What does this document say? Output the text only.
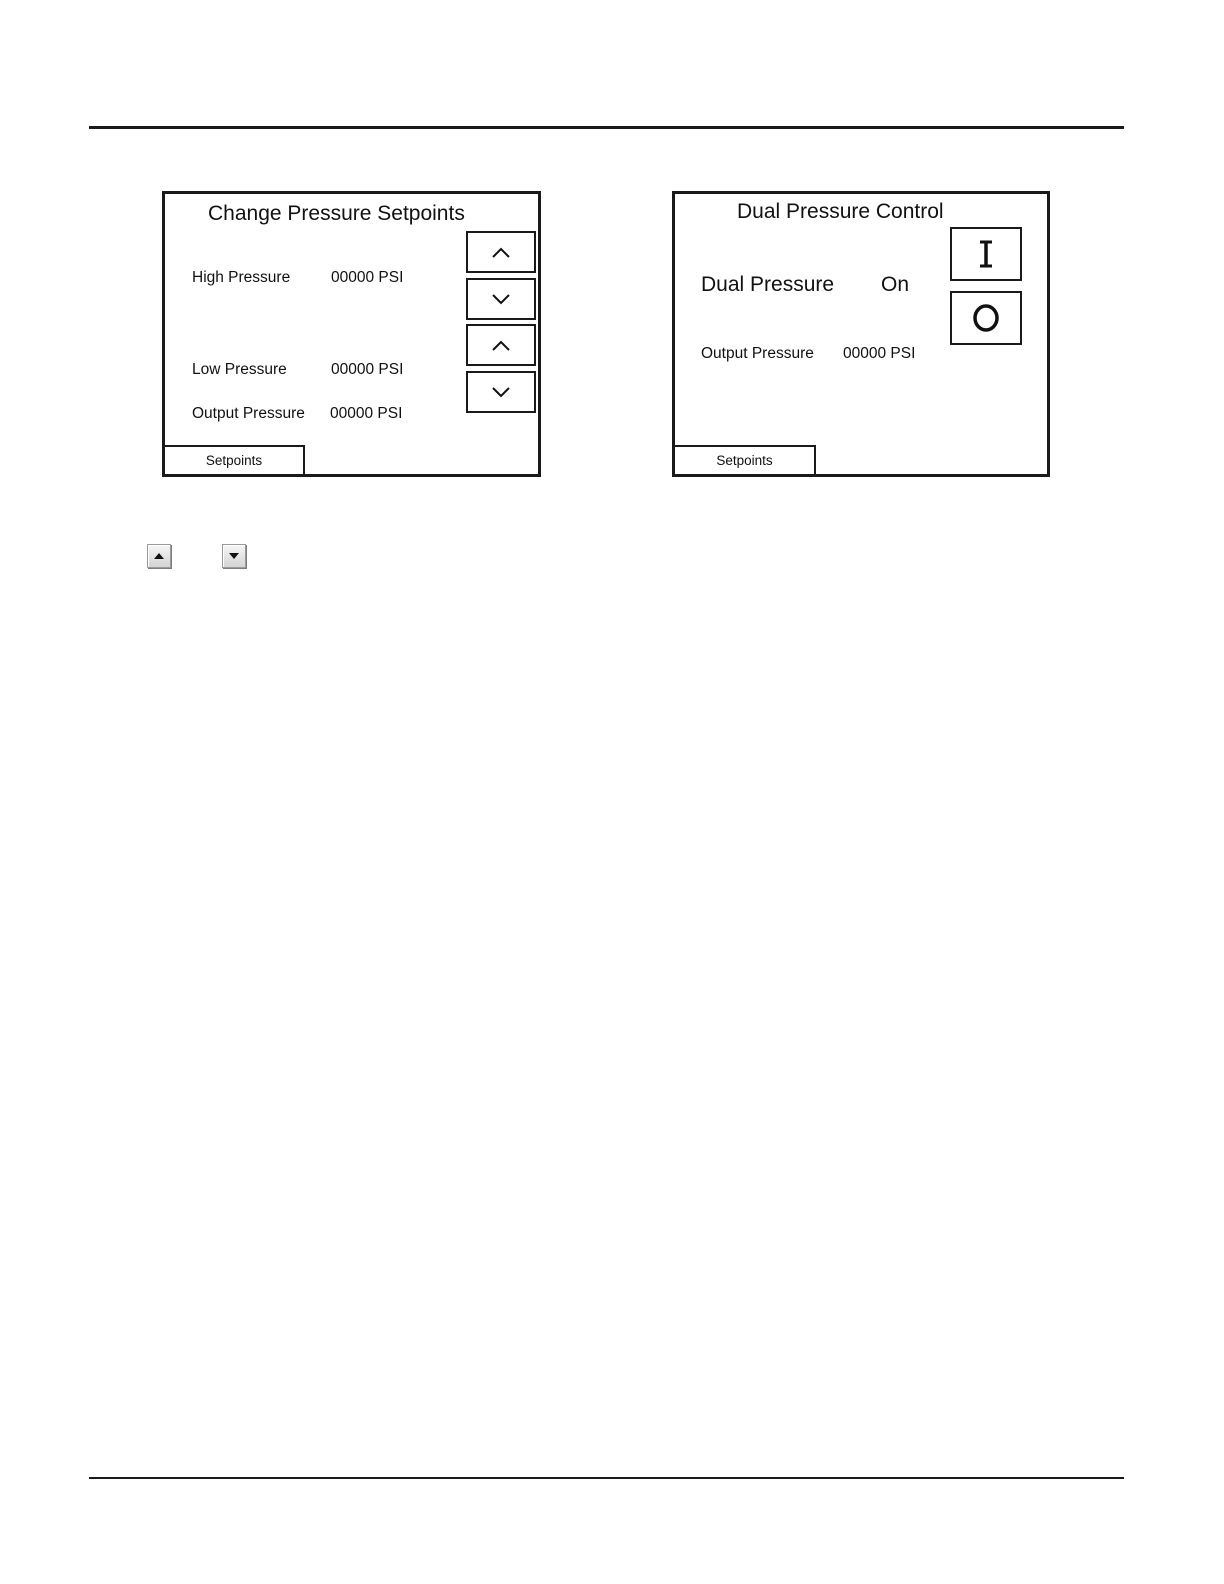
Change Pressure Setpoints
High Pressure	00000 PSI
Low Pressure	00000 PSI
Output Pressure 00000 PSI
Setpoints
Dual Pressure Control
Dual Pressure On
Output Pressure 00000 PSI
Setpoints
